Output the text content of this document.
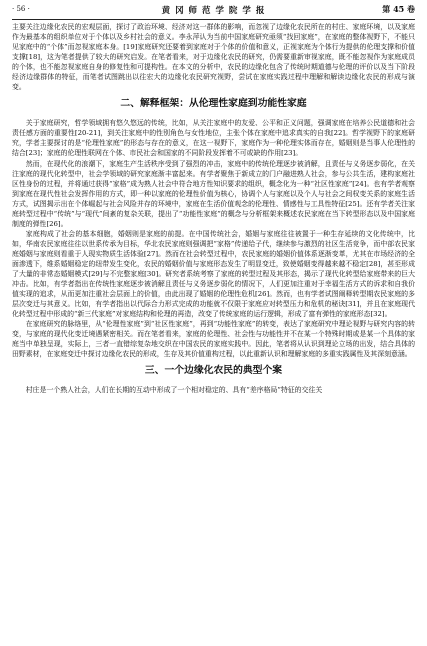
· 56 ·	黄 冈 师 范 学 院 学 报	第 45 卷

主要关注边缘化农民的宏观层面，探讨了政治环境、经济对这一群体的影响，而忽视了边缘化农民所在的村庄、家庭环境，以及家庭作为最基本的组织单位对于个体以及乡村社会的意义。李永萍认为当前中国家庭研究亟须“找回家庭”，在家庭的整体视野下，不能只见家庭中的“个体”而忽视家庭本身。[19]家庭研究还要着到家庭对于个体的价值和意义，正视家庭为个体行为提供的伦理支撑和价值支撑[18]，这为笔者提供了较大的研究启发。在笔者看来，对于边缘化农民的研究，仍需要重新审视家庭，既不能忽视作为家庭成员的个体，也不能忽视家庭自身的修复性和可提构性。在本文的分析中，农民的边缘化包含了传统时期道德与伦理的评价以及当下阶段经济边缘群体的特征，而笔者试图跳出以往宏大的边缘化农民研究视野，尝试在家庭实践过程中理解和解读边缘化农民的形成与演变。

二、解释框架：从伦理性家庭到功能性家庭

关于家庭研究，哲学领域拥有悠久悠远的传统，比如，从关注家庭中的友爱、公平和正义问题，强调家庭在培养公民道德和社会责任感方面的重要性[20-21]，到关注家庭中的性别角色与女性地位，主张个体在家庭中追求真实的自我[22]。哲学视野下的家庭研究，学者主要探讨的是“伦理性家庭”的形态与存在的意义，在这一视野下，家庭作为一种伦理实体而存在，婚姻则是当事人伦理性的结合[23]；家庭的伦理性联网在个体、市民社会和国家的不同阶段发挥着不可或缺的作用[23]。

然而，在现代化的浪潮下，家庭生产生活秩序受到了强烈的冲击，家庭中的传统伦理逐步被消解，且责任与义务逐步弱化，在关注家庭的现代化转型中，社会学领域的研究家庭渐丰富起来。有学者聚焦于新成立的门户融进熟人社会，参与公共生活，建构家庭社区性身份的过程，并将通过获得“家格”成为熟人社会中符合地方性知识要求的组织，概念化为一种“社区性家庭”[24]。也有学者观察到家庭在现代性社会发挥作用的方式，即一种以家庭的伦理性价值为核心，协调个人与家庭以及个人与社会之间权变关系的家庭生活方式，试图揭示出在个体崛起与社会风险并存的环境中，家庭在生活价值观念的伦理性、情感性与工具性特征[25]。还有学者关注家庭转型过程中“传统”与“现代”间紊的复杂关联，提出了“功能性家庭”的概念与分析框架来概述农民家庭在当下转型形态以及中国家庭制度的弹性[26]。

家庭构成了社会的基本细胞，婚姻则是家庭的前提。在中国传统社会，婚姻与家庭往往被置于一种生存延续的文化传统中，比如，华南农民家庭往往以世系传承为目标，华北农民家庭则强调把“家格”传递给子代，继续参与激烈的社区生活竞争，而中部农民家庭婚姻与家庭则看重于人现实物质生活体验[27]。然而在社会转型过程中，农民家庭的婚姻价值体系逐渐变革，尤其在市场经济的全面渗透下，维系婚姻稳定的纽带发生变化，农民的婚姻价值与家庭形态发生了明显变迁，致使婚姻变得越来越不稳定[28]，甚至形成了大量的非常态婚姻模式[29]与不完整家庭[30]。研究者系统考察了家庭的转型过程及其形态，揭示了现代化转型给家庭带来的巨大冲击。比如，有学者指出在传统性家庭逐步被消解且责任与义务逐步弱化的情况下，人们更加注重对于幸福生活方式的诉求和自我价值实现的追求，从而更加注重社会层面上的价值，由此出现了婚姻的伦理性危机[26]。然而，也有学者试图阐释转型期农民家庭的多层次变迁与其意义。比如，有学者指出以代际合力形式完成的功能就不仅限于家庭应对转型压力和危机的秘诀[31]，并且在家庭现代化转型过程中形成的“新三代家庭”对家庭结构和伦理的再造，改变了传统家庭的运行逻辑，形成了富有弹性的家庭形态[32]。

在家庭研究的脉络里，从“伦理性家庭”到“社区性家庭”，再到“功能性家庭”的转变，表达了家庭研究中理论视野与研究内容的转变，与家庭的现代化变迁境遇紧密相关。而在笔者看来，家庭的伦理性、社会性与功能性并不在某一个特殊时期或是某一个具体的家庭当中单独呈现，实际上，三者一直错综复杂地交织在中国农民的家庭实践中。因此，笔者将从认识到理论立场的出发，结合具体的田野素材，在家庭变迁中探讨边缘化农民的形成，生存及其价值重构过程，以此重新认识和理解家庭的多重实践属性及其深刻意涵。

三、一个边缘化农民的典型个案

村庄是一个熟人社会，人们在长期的互动中形成了一个相对稳定的、具有“差序格局”特征的交往关
